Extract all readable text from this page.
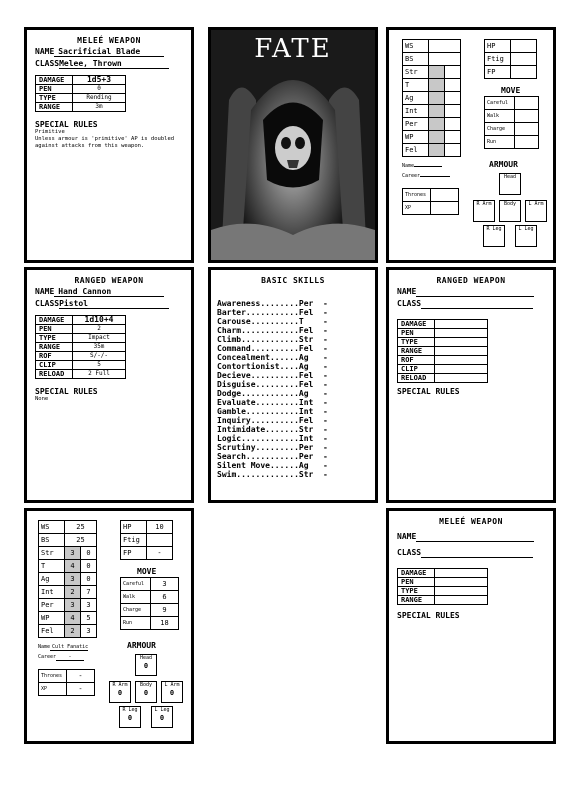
MELEÉ WEAPON
NAME Sacrificial Blade
CLASSMelee, Thrown
DAMAGE	1d5+3
PEN	0
TYPE	Rending
RANGE	3m
SPECIAL RULES
Primitive
Unless armour is 'primitive' AP is doubled against attacks from this weapon.
FATE	WS		
BS		
Str		
T		
Ag		
Int		
Per		
WP		
Fel		
HP	
Ftig	
FP	
MOVE
Careful	
Walk	
Charge	
Run	
Name
Career
Thrones	
XP	
ARMOUR
Head
R Arm	Body	L Arm
R Leg	L Leg
RANGED WEAPON
NAME Hand Cannon
CLASSPistol
DAMAGE	1d10+4
PEN	2
TYPE	Impact
RANGE	35m
ROF	S/-/-
CLIP	5
RELOAD	2 Full
SPECIAL RULES
None
BASIC SKILLS
Awareness........Per  -
Barter...........Fel  -
Carouse..........T    -
Charm............Fel  -
Climb............Str  -
Command..........Fel  -
Concealment......Ag   -
Contortionist....Ag   -
Decieve..........Fel  -
Disguise.........Fel  -
Dodge............Ag   -
Evaluate.........Int  -
Gamble...........Int  -
Inquiry..........Fel  -
Intimidate.......Str  -
Logic............Int  -
Scrutiny.........Per  -
Search...........Per  -
Silent Move......Ag   -
Swim.............Str  -
RANGED WEAPON
NAME
CLASS
DAMAGE	
PEN	
TYPE	
RANGE	
ROF	
CLIP	
RELOAD	
SPECIAL RULES
WS	25	
BS	25	
Str	3	0
T	4	0
Ag	3	0
Int	2	7
Per	3	3
WP	4	5
Fel	2	3
HP	10
Ftig	
FP	-
MOVE
Careful	3
Walk	6
Charge	9
Run	18
Name Cult Fanatic
Career -
Thrones	-
XP	-
ARMOUR
Head
0
R Arm
0
Body
0
L Arm
0
R Leg
0
L Leg
0
MELEÉ WEAPON
NAME
CLASS
DAMAGE	
PEN	
TYPE	
RANGE	
SPECIAL RULES
